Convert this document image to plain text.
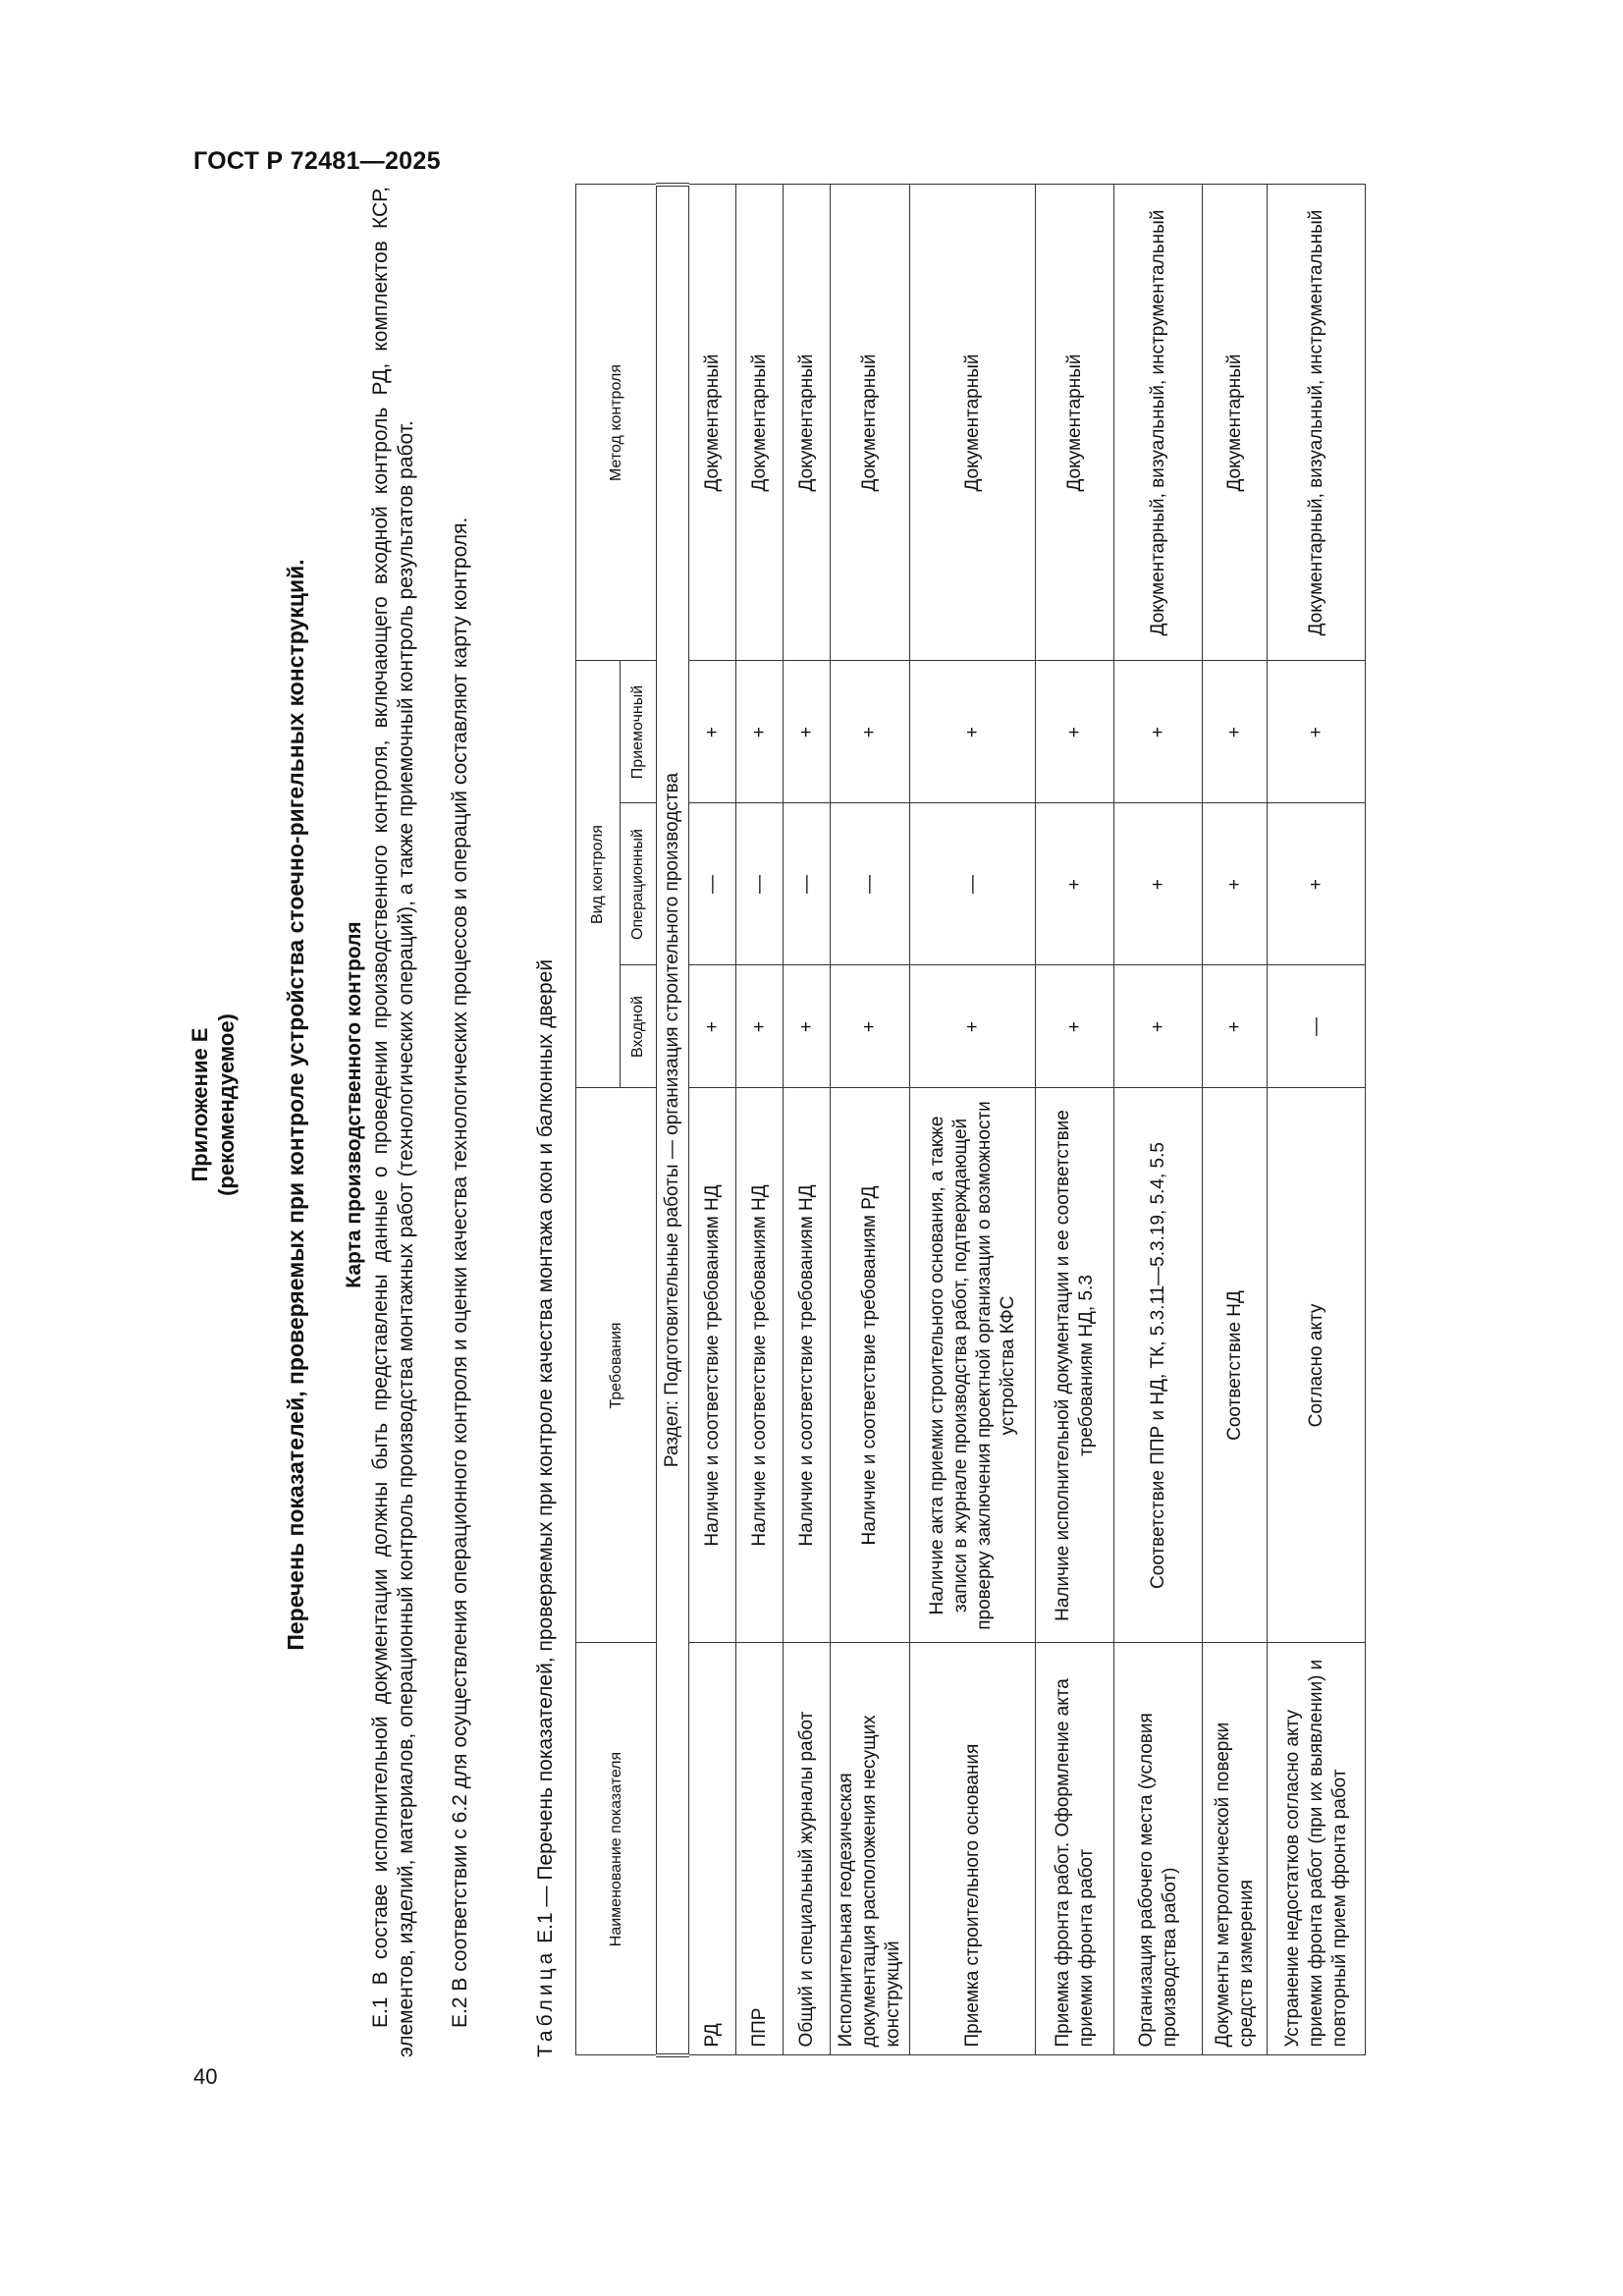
ГОСТ Р 72481—2025
40
Приложение Е (рекомендуемое) Перечень показателей, проверяемых при контроле устройства стоечно-ригельных конструкций. Карта производственного контроля Е.1 В составе исполнительной документации должны быть представлены данные о проведении производственного контроля, включающего входной контроль РД, комплектов КСР, элементов, изделий, материалов, операционный контроль производства монтажных работ (технологических операций), а также приемочный контроль результатов работ. Е.2 В соответствии с 6.2 для осуществления операционного контроля и оценки качества технологических процессов и операций составляют карту контроля.	Таблица Е.1 — Перечень показателей, проверяемых при контроле качества монтажа окон и балконных дверей	Наименование показателя	Требования	Вид контроля			Метод контроля
		Входной	Операционный	Приемочный	
Раздел: Подготовительные работы — организация строительного производства					
РД	Наличие и соответствие требованиям НД	+	—	+	Документарный
ППР	Наличие и соответствие требованиям НД	+	—	+	Документарный
Общий и специальный журналы работ	Наличие и соответствие требованиям НД	+	—	+	Документарный
Исполнительная геодезическая документация расположения несущих конструкций	Наличие и соответствие требованиям РД	+	—	+	Документарный
Приемка строительного основания	Наличие акта приемки строительного основания, а также записи в журнале производства работ, подтверждающей проверку заключения проектной организации о возможности устройства КФС	+	—	+	Документарный
Приемка фронта работ. Оформление акта приемки фронта работ	Наличие исполнительной документации и ее соответствие требованиям НД, 5.3	+	+	+	Документарный
Организация рабочего места (условия производства работ)	Соответствие ППР и НД, ТК, 5.3.11—5.3.19, 5.4, 5.5	+	+	+	Документарный, визуальный, инструментальный
Документы метрологической поверки средств измерения	Соответствие НД	+	+	+	Документарный
Устранение недостатков согласно акту приемки фронта работ (при их выявлении) и повторный прием фронта работ	Согласно акту	—	+	+	Документарный, визуальный, инструментальный
